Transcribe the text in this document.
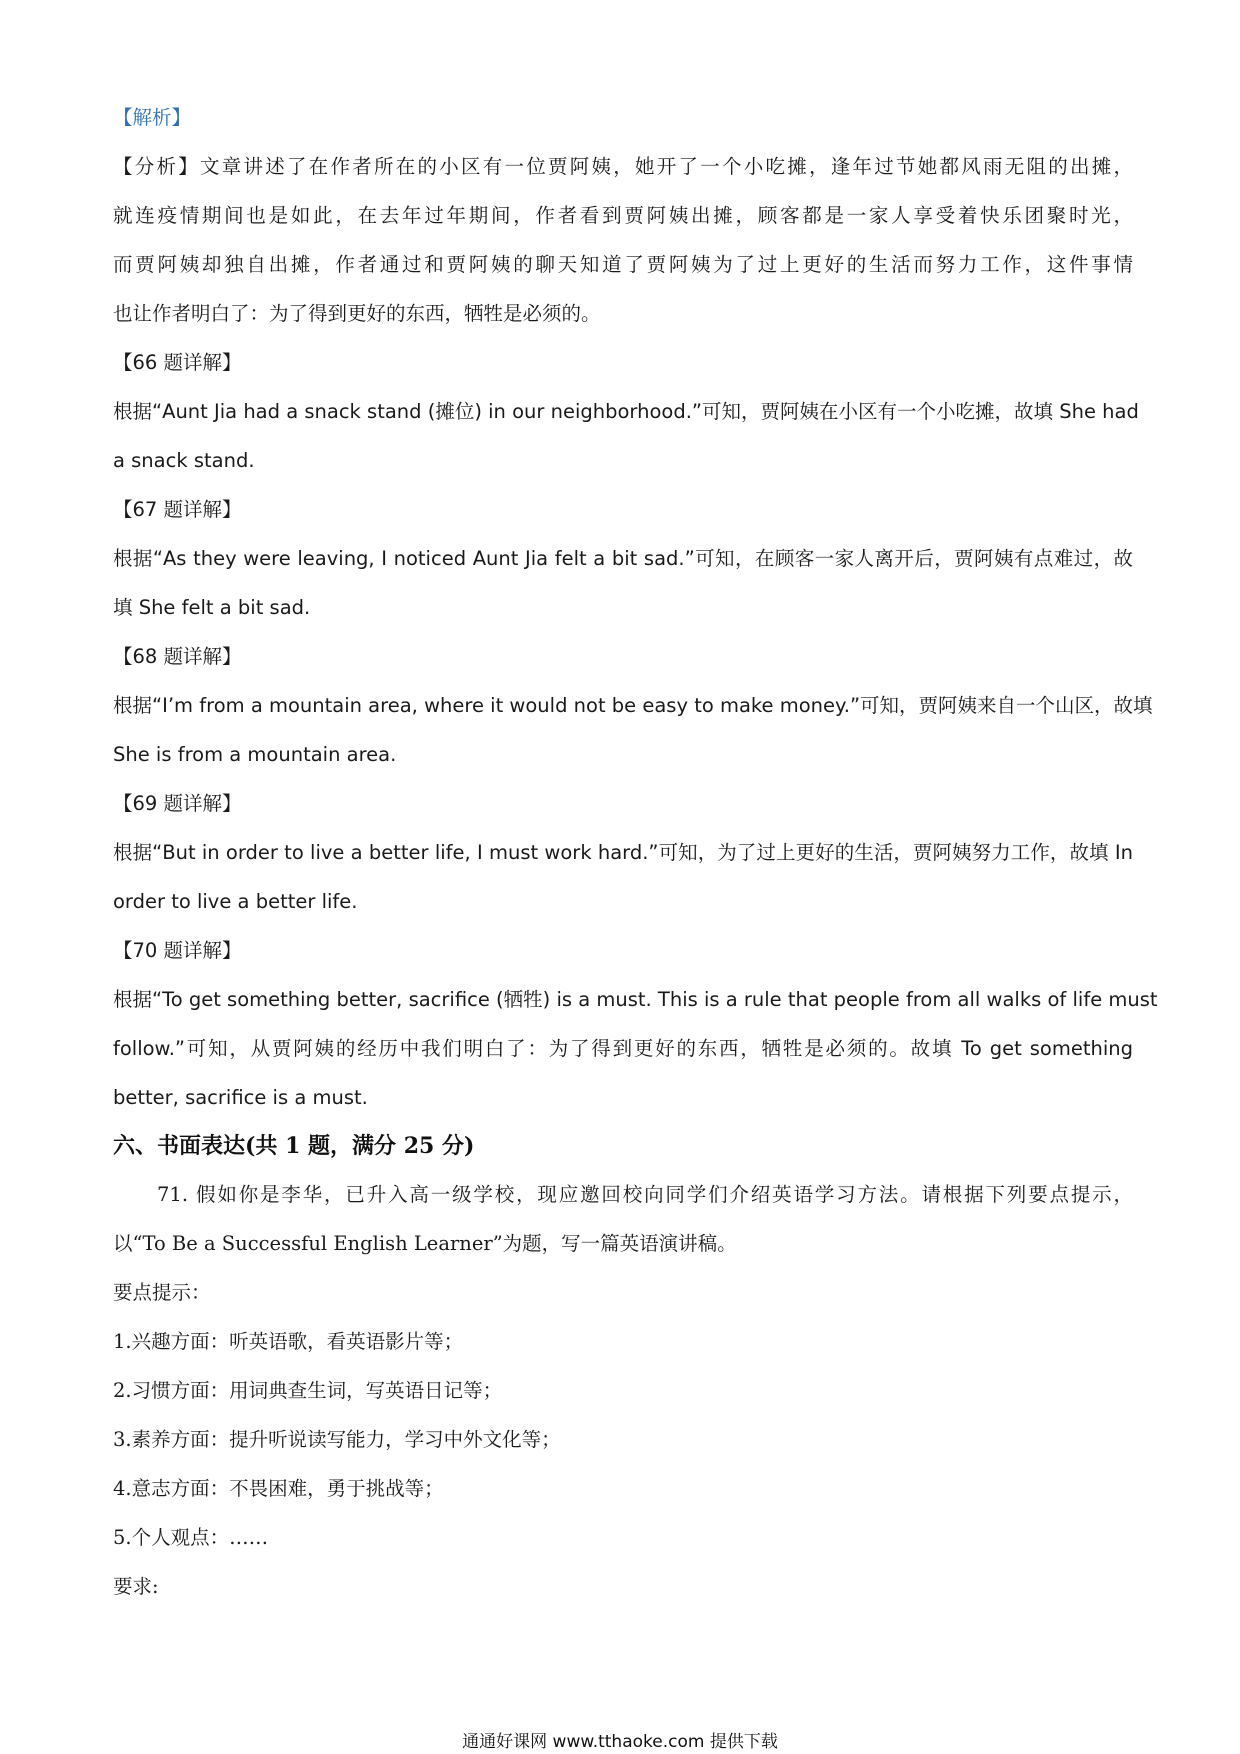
【解析】

【分析】文章讲述了在作者所在的小区有一位贾阿姨，她开了一个小吃摊，逢年过节她都风雨无阻的出摊，

就连疫情期间也是如此，在去年过年期间，作者看到贾阿姨出摊，顾客都是一家人享受着快乐团聚时光，

而贾阿姨却独自出摊，作者通过和贾阿姨的聊天知道了贾阿姨为了过上更好的生活而努力工作，这件事情

也让作者明白了：为了得到更好的东西，牺牲是必须的。

【66 题详解】

根据“Aunt Jia had a snack stand (摊位) in our neighborhood.”可知，贾阿姨在小区有一个小吃摊，故填 She had

a snack stand.

【67 题详解】

根据“As they were leaving, I noticed Aunt Jia felt a bit sad.”可知，在顾客一家人离开后，贾阿姨有点难过，故

填 She felt a bit sad.

【68 题详解】

根据“I’m from a mountain area, where it would not be easy to make money.”可知，贾阿姨来自一个山区，故填

She is from a mountain area.

【69 题详解】

根据“But in order to live a better life, I must work hard.”可知，为了过上更好的生活，贾阿姨努力工作，故填 In

order to live a better life.

【70 题详解】

根据“To get something better, sacrifice (牺牲) is a must. This is a rule that people from all walks of life must

follow.”可知，从贾阿姨的经历中我们明白了：为了得到更好的东西，牺牲是必须的。故填 To get something

better, sacrifice is a must.

六、书面表达(共 1 题，满分 25 分)

71. 假如你是李华，已升入高一级学校，现应邀回校向同学们介绍英语学习方法。请根据下列要点提示，

以“To Be a Successful English Learner”为题，写一篇英语演讲稿。

要点提示：

1.兴趣方面：听英语歌，看英语影片等；

2.习惯方面：用词典查生词，写英语日记等；

3.素养方面：提升听说读写能力，学习中外文化等；

4.意志方面：不畏困难，勇于挑战等；

5.个人观点：……

要求:

通通好课网 www.tthaoke.com 提供下载
